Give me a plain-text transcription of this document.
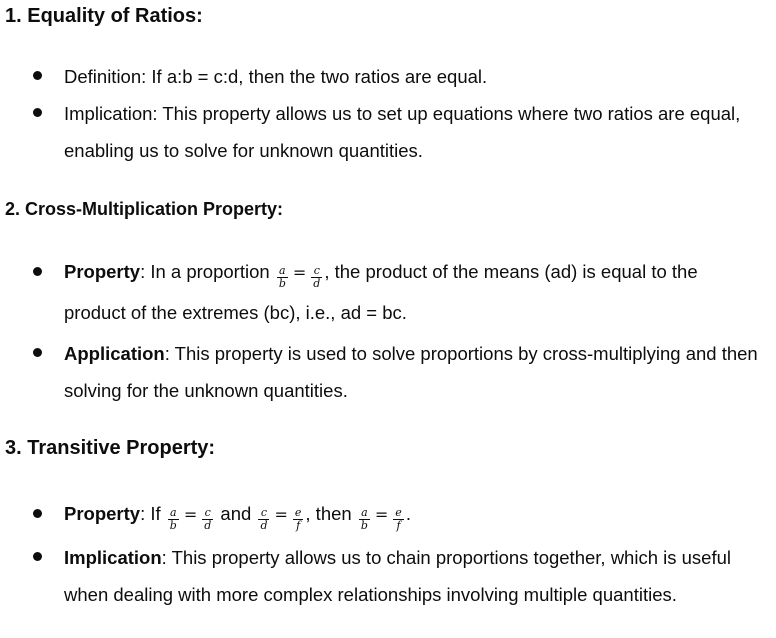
1. Equality of Ratios:
Definition: If a:b = c:d, then the two ratios are equal.
Implication: This property allows us to set up equations where two ratios are equal, enabling us to solve for unknown quantities.
2. Cross-Multiplication Property:
Property: In a proportion $\frac{a}{b} = \frac{c}{d}$ , the product of the means (ad) is equal to the
product of the extremes (bc), i.e., ad = bc.
Application: This property is used to solve proportions by cross-multiplying and then solving for the unknown quantities.
3. Transitive Property:
Property: If $\frac{a}{b} = \frac{c}{d}$ and $\frac{c}{d} = \frac{e}{f}$ , then $\frac{a}{b} = \frac{e}{f}$ .
Implication: This property allows us to chain proportions together, which is useful when dealing with more complex relationships involving multiple quantities.
